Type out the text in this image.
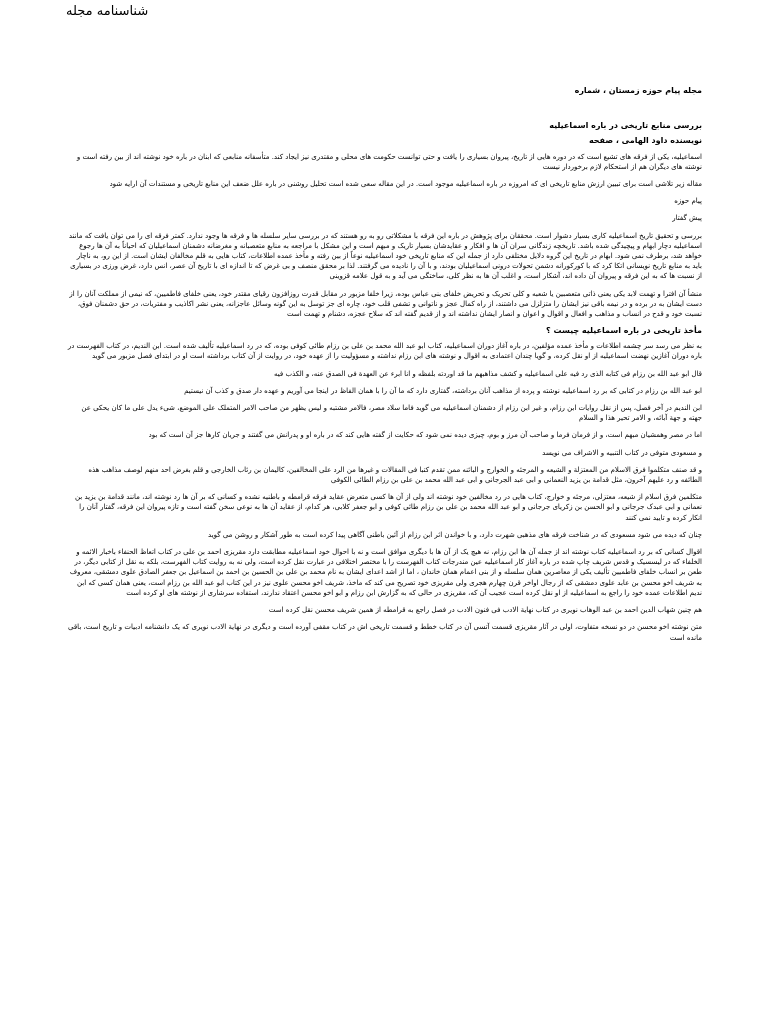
شناسنامه مجله
مجله پیام حوزه زمستان ، شماره
بررسی منابع تاریخی در باره اسماعیلیه
نویسنده داود الهامی ، صفحه

اسماعیلیه، یکی از فرقه های تشیع است که در دوره هایی از تاریخ، پیروان بسیاری را یافت و حتی توانست حکومت های محلی و مقتدری نیز ایجاد کند. متأسفانه منابعی که ابنان در باره خود نوشته اند از بین رفته است و نوشته های دیگران هم از استحکام لازم برخوردار نیست

مقاله زیر تلاشی است برای تبیین ارزش منابع تاریخی ای که امروزه در باره اسماعیلیه موجود است. در این مقاله سعی شده است تحلیل روشنی در باره علل ضعف این منابع تاریخی و مستندات آن ارایه شود

پیام حوزه
پیش گفتار

بررسی و تحقیق تاریخ اسماعیلیه کاری بسیار دشوار است. محققان برای پژوهش در باره این فرقه با مشکلاتی رو به رو هستند که در بررسی سایر سلسله ها و فرقه ها وجود ندارد. کمتر فرقه ای را می توان یافت که مانند اسماعیلیه دچار ابهام و پیچیدگی شده باشد. تاریخچه زندگانی سران آن ها و افکار و عقایدشان بسیار تاریک و مبهم است و این مشکل با مراجعه به منابع متعصبانه و مغرضانه دشمنان اسماعیلیان که احیاناً به آن ها رجوع خواهد شد، برطرف نمی شود. ابهام در تاریخ این گروه دلایل مختلفی دارد از جمله این که منابع تاریخی خود اسماعیلیه نوعاً از بین رفته و مأخذ عمده اطلاعات، کتاب هایی به قلم مخالفان ایشان است. از این رو، به ناچار باید به منابع تاریخ نویسانی اتکا کرد که با کورکورانه دشمن تحولات درونی اسماعیلیان بودند، و با آن را نادیده می گرفتند. لذا بر محقق منصف و بی غرض که تا اندازه ای با تاریخ آن عصر، انس دارد، غرض ورزی در بسیاری از نسبت ها که به این فرقه و پیروان آن داده اند، آشکار است، و اغلب آن ها به نظر کلی، ساختگی می آید و به قول علامه قزوینی

منشأ آن افترا و تهمت لابد یکی یعنی ذاتی متعصبین یا شعبه و کلی تحریک و تحریض خلفای بنی عباس بوده، زیرا خلفا مزبور در مقابل قدرت روزافزون رقیای مقتدر خود، یعنی خلفای فاطمیین، که نیمی از مملکت آنان را از دست ایشان به در برده و در نیمه باقی نیز ایشان را متزلزل می داشتند، از راه کمال عجز و ناتوانی و تشفی قلب خود، چاره ای جز توسل به این گونه وسائل عاجزانه، یعنی نشر اکاذیب و مفتریات، در حق دشمنان فوق، نسبت خود و قدح در انساب و مذاهب و افعال و اقوال و اعوان و انصار ایشان نداشته اند و از قدیم گفته اند که سلاح عجزه، دشنام و تهمت است

مأخذ تاریخی در باره اسماعیلیه چیست ؟

به نظر می رسد سر چشمه اطلاعات و مأخذ عمده مؤلفین، در باره آغاز دوران اسماعیلیه، کتاب ابو عبد الله محمد بن علی بن رزام طائی کوفی بوده، که در رد اسماعیلیه تألیف شده است. ابن الندیم، در کتاب الفهرست در باره دوران آغازین نهضت اسماعیلیه از او نقل کرده، و گویا چندان اعتمادی به اقوال و نوشته های ابن رزام نداشته و مسؤولیت را از عهده خود، در روایت از آن کتاب برداشته است او در ابتدای فصل مزبور می گوید

قال ابو عبد الله بن رزام فی کتابه الذی رد فیه علی اسماعیلیه و کشف مذاهبهم ما قد اوردته بلفظه و انا ابرء عن العهدة فی الصدق عنه، و الکذب فیه

ابو عبد الله بن رزام در کتابی که بر رد اسماعیلیه نوشته و پرده از مذاهب آنان برداشته، گفتاری دارد که ما آن را با همان الفاظ در اینجا می آوریم و عهده دار صدق و کذب آن نیستیم

ابن الندیم در آخر فصل، پس از نقل روایات ابن رزام، و غیر ابن رزام از دشمنان اسماعیلیه می گوید فاما سلاد مصر، فالامر مشتبه و لیس یظهر من صاحب الامر المتملک علی الموضع، شیء یدل علی ما کان یحکی عن جهته و جهة آبائه، و الامر تحیر هذا و السلام

اما در مصر وهمشیان مبهم است، و از فرمان فرما و صاحب آن مرز و بوم، چیزی دیده نمی شود که حکایت از گفته هایی کند که در باره او و پدرانش می گفتند و جریان کارها جز آن است که بود

و مسعودی متوفی در کتاب التنبیه و الاشراف می نویسد

و قد صنف متکلموا فرق الاسلام من المعتزلة و الشیعه و المرجئه و الخوارج و البائنه ممن تقدم کتبا فی المقالات و غیرها من الرد علی المخالفین، کالیمان بن رئاب الخارجی و قلم بغرض احد منهم لوصف مذاهب هذه الطائفه و رد علیهم آخرون، مثل قدامة بن یزید النعمانی و ابی عبد الجرجانی و ابی عبد الله محمد بن علی بن رزام الطائی الکوفی

متکلمین فرق اسلام از شیعه، معتزلی، مرجئه و خوارج، کتاب هایی در رد مخالفین خود نوشته اند ولی از آن ها کسی متعرض عقاید فرقه قرامطه و باطنیه نشده و کسانی که بر آن ها رد نوشته اند، مانند قدامة بن یزید بن نعمانی و ابی عبدک جرجانی و ابو الحسن بن زکریای جرجانی و ابو عبد الله محمد بن علی بن رزام طائی کوفی و ابو جعفر کلابی، هر کدام، از عقاید آن ها به نوعی سخن گفته است و تازه پیروان این فرقه، گفتار آنان را انکار کرده و تایید نمی کنند

چنان که دیده می شود مسعودی که در شناخت فرقه های مذهبی شهرت دارد، و با خواندن اثر ابن رزام از آئین باطنی آگاهی پیدا کرده است به طور آشکار و روشن می گوید

اقوال کسانی که بر رد اسماعیلیه کتاب نوشته اند از جمله آن ها ابن رزام، نه هیچ یک از آن ها با دیگری موافق است و نه با احوال خود اسماعیلیه مطابقت دارد مقریزی احمد بن علی در کتاب اتعاظ الحنفاء باخبار الائمه و الخلفاء که در لیسسیک و قدس شریف چاپ شده در باره آغاز کار اسماعیلیه عین مندرجات کتاب الفهرست را با مختصر اختلافی در عبارت نقل کرده است، ولی نه به روایت کتاب الفهرست، بلکه به نقل از کتابی دیگر، در طعن بر انساب خلفای فاطمیین تألیف یکی از معاصرین همان سلسله و از بنی اعمام همان خاندان ، اما از اشد اعدای ایشان به نام محمد بن علی بن الحسین بن احمد بن اسماعیل بن جعفر الصادق علوی دمشقی، معروف به شریف اخو محسن بن عابد علوی دمشقی که از رجال اواخر قرن چهارم هجری ولی مقریزی خود تصریح می کند که ماخذ، شریف اخو محسن علوی نیز در این کتاب ابو عبد الله بن رزام است، یعنی همان کسی که ابن ندیم اطلاعات عمده خود را راجع به اسماعیلیه از او نقل کرده است عجیب آن که، مقریزی در حالی که به گزارش ابن رزام و ابو اخو محسن اعتقاد ندارند، استفاده سرشاری از نوشته های او کرده است

هم چنین شهاب الدین احمد بن عبد الوهاب نویری در کتاب نهایة الادب فی فنون الادب در فصل راجع به قرامطه از همین شریف محسن نقل کرده است

متن نوشته اخو محسن در دو نسخه متفاوت، اولی در آثار مقریزی قسمت آتسی آن در کتاب خطط و قسمت تاریخی اش در کتاب مقفی آورده است و دیگری در نهایة الادب نویری که یک دانشنامه ادبیات و تاریخ است، باقی مانده است
